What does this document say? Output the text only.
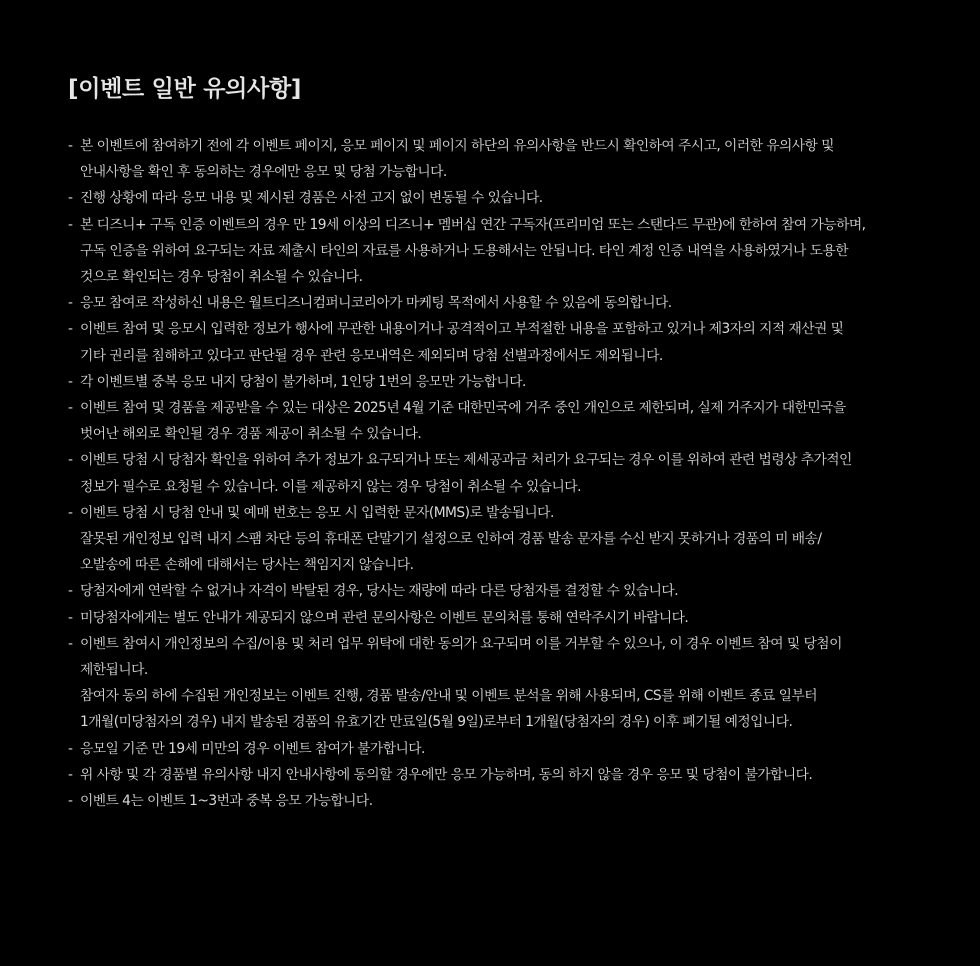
[이벤트 일반 유의사항]
- 본 이벤트에 참여하기 전에 각 이벤트 페이지, 응모 페이지 및 페이지 하단의 유의사항을 반드시 확인하여 주시고, 이러한 유의사항 및
안내사항을 확인 후 동의하는 경우에만 응모 및 당첨 가능합니다.
- 진행 상황에 따라 응모 내용 및 제시된 경품은 사전 고지 없이 변동될 수 있습니다.
- 본 디즈니+ 구독 인증 이벤트의 경우 만 19세 이상의 디즈니+ 멤버십 연간 구독자(프리미엄 또는 스탠다드 무관)에 한하여 참여 가능하며,
구독 인증을 위하여 요구되는 자료 제출시 타인의 자료를 사용하거나 도용해서는 안됩니다. 타인 계정 인증 내역을 사용하였거나 도용한
것으로 확인되는 경우 당첨이 취소될 수 있습니다.
- 응모 참여로 작성하신 내용은 월트디즈니컴퍼니코리아가 마케팅 목적에서 사용할 수 있음에 동의합니다.
- 이벤트 참여 및 응모시 입력한 정보가 행사에 무관한 내용이거나 공격적이고 부적절한 내용을 포함하고 있거나 제3자의 지적 재산권 및
기타 권리를 침해하고 있다고 판단될 경우 관련 응모내역은 제외되며 당첨 선별과정에서도 제외됩니다.
- 각 이벤트별 중복 응모 내지 당첨이 불가하며, 1인당 1번의 응모만 가능합니다.
- 이벤트 참여 및 경품을 제공받을 수 있는 대상은 2025년 4월 기준 대한민국에 거주 중인 개인으로 제한되며, 실제 거주지가 대한민국을
벗어난 해외로 확인될 경우 경품 제공이 취소될 수 있습니다.
- 이벤트 당첨 시 당첨자 확인을 위하여 추가 정보가 요구되거나 또는 제세공과금 처리가 요구되는 경우 이를 위하여 관련 법령상 추가적인
정보가 필수로 요청될 수 있습니다. 이를 제공하지 않는 경우 당첨이 취소될 수 있습니다.
- 이벤트 당첨 시 당첨 안내 및 예매 번호는 응모 시 입력한 문자(MMS)로 발송됩니다.
잘못된 개인정보 입력 내지 스팸 차단 등의 휴대폰 단말기기 설정으로 인하여 경품 발송 문자를 수신 받지 못하거나 경품의 미 배송/
오발송에 따른 손해에 대해서는 당사는 책임지지 않습니다.
- 당첨자에게 연락할 수 없거나 자격이 박탈된 경우, 당사는 재량에 따라 다른 당첨자를 결정할 수 있습니다.
- 미당첨자에게는 별도 안내가 제공되지 않으며 관련 문의사항은 이벤트 문의처를 통해 연락주시기 바랍니다.
- 이벤트 참여시 개인정보의 수집/이용 및 처리 업무 위탁에 대한 동의가 요구되며 이를 거부할 수 있으나, 이 경우 이벤트 참여 및 당첨이
제한됩니다.
참여자 동의 하에 수집된 개인정보는 이벤트 진행, 경품 발송/안내 및 이벤트 분석을 위해 사용되며, CS를 위해 이벤트 종료 일부터
1개월(미당첨자의 경우) 내지 발송된 경품의 유효기간 만료일(5월 9일)로부터 1개월(당첨자의 경우) 이후 폐기될 예정입니다.
- 응모일 기준 만 19세 미만의 경우 이벤트 참여가 불가합니다.
- 위 사항 및 각 경품별 유의사항 내지 안내사항에 동의할 경우에만 응모 가능하며, 동의 하지 않을 경우 응모 및 당첨이 불가합니다.
- 이벤트 4는 이벤트 1~3번과 중복 응모 가능합니다.
